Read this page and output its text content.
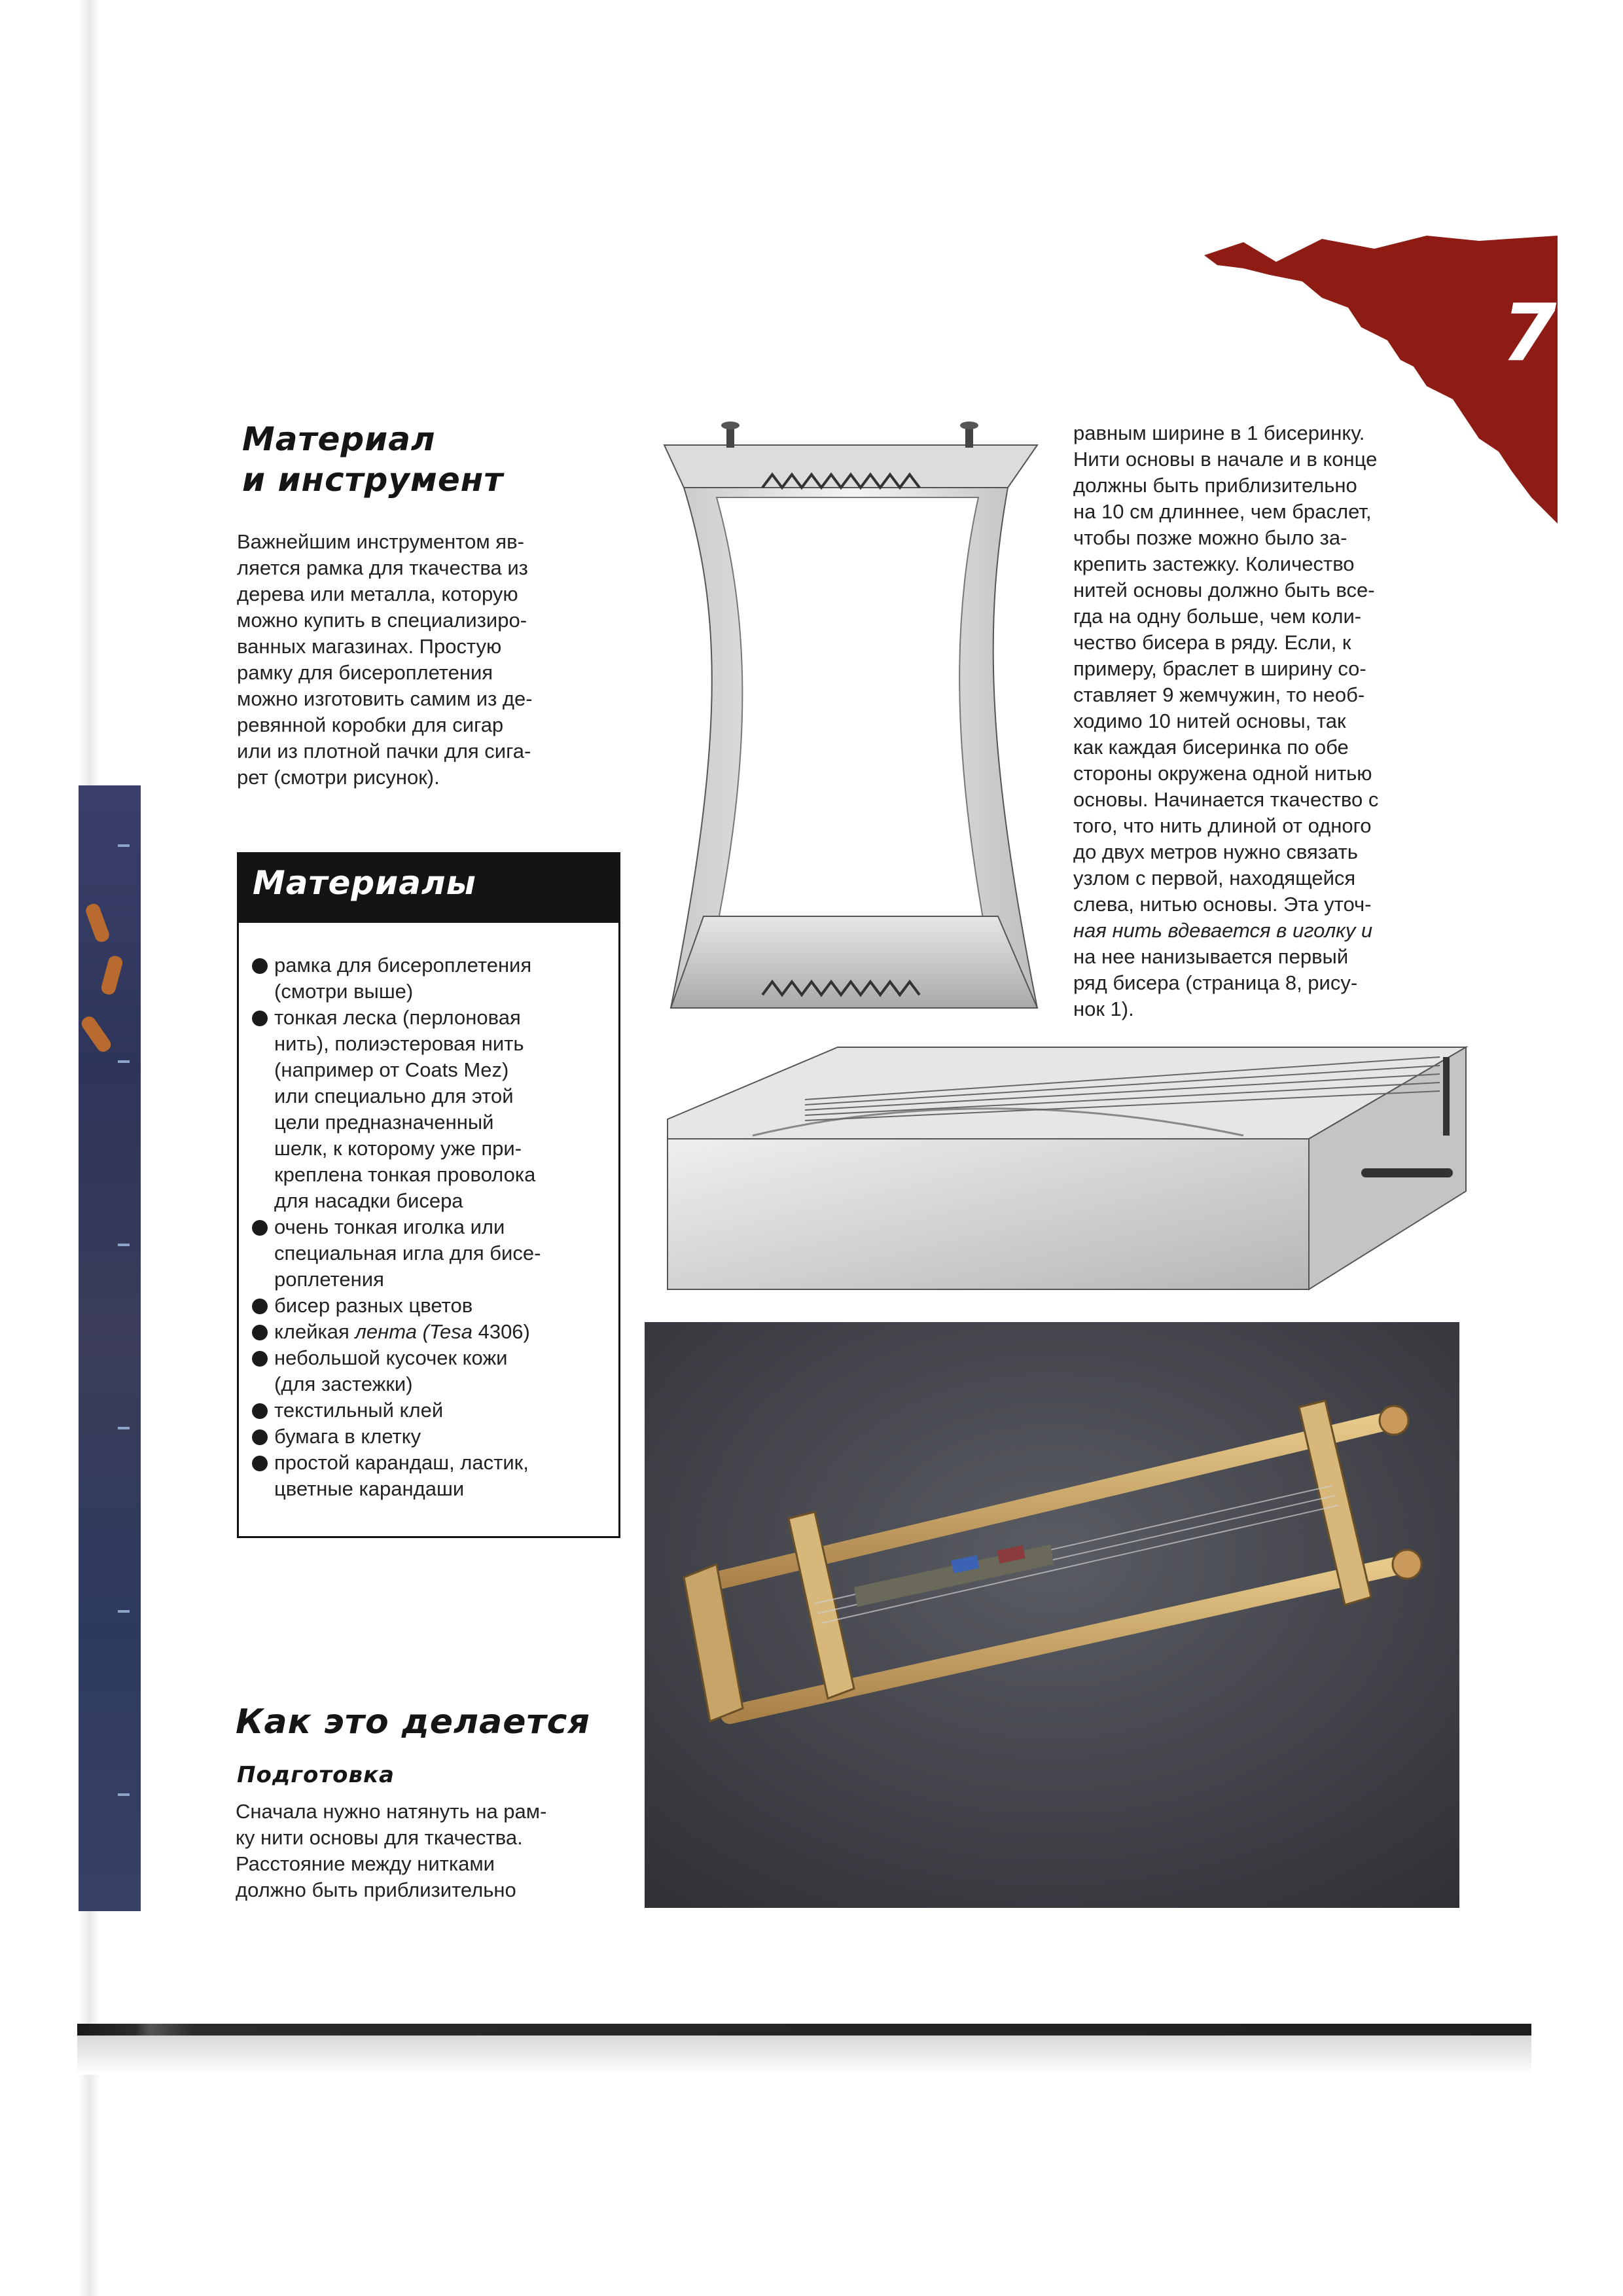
7
Материал
и инструмент
Важнейшим инструментом яв-
ляется рамка для ткачества из
дерева или металла, которую
можно купить в специализиро-
ванных магазинах. Простую
рамку для бисероплетения
можно изготовить самим из де-
ревянной коробки для сигар
или из плотной пачки для сига-
рет (смотри рисунок).
Материалы
рамка для бисероплетения
(смотри выше)
тонкая леска (перлоновая
нить), полиэстеровая нить
(например от Coats Mez)
или специально для этой
цели предназначенный
шелк, к которому уже при-
креплена тонкая проволока
для насадки бисера
очень тонкая иголка или
специальная игла для бисе-
роплетения
бисер разных цветов
клейкая лента (Tesa 4306)
небольшой кусочек кожи
(для застежки)
текстильный клей
бумага в клетку
простой карандаш, ластик,
цветные карандаши
Как это делается
Подготовка
Сначала нужно натянуть на рам-
ку нити основы для ткачества.
Расстояние между нитками
должно быть приблизительно
равным ширине в 1 бисеринку.
Нити основы в начале и в конце
должны быть приблизительно
на 10 см длиннее, чем браслет,
чтобы позже можно было за-
крепить застежку. Количество
нитей основы должно быть все-
гда на одну больше, чем коли-
чество бисера в ряду. Если, к
примеру, браслет в ширину со-
ставляет 9 жемчужин, то необ-
ходимо 10 нитей основы, так
как каждая бисеринка по обе
стороны окружена одной нитью
основы. Начинается ткачество с
того, что нить длиной от одного
до двух метров нужно связать
узлом с первой, находящейся
слева, нитью основы. Эта уточ-
ная нить вдевается в иголку и
на нее нанизывается первый
ряд бисера (страница 8, рису-
нок 1).
